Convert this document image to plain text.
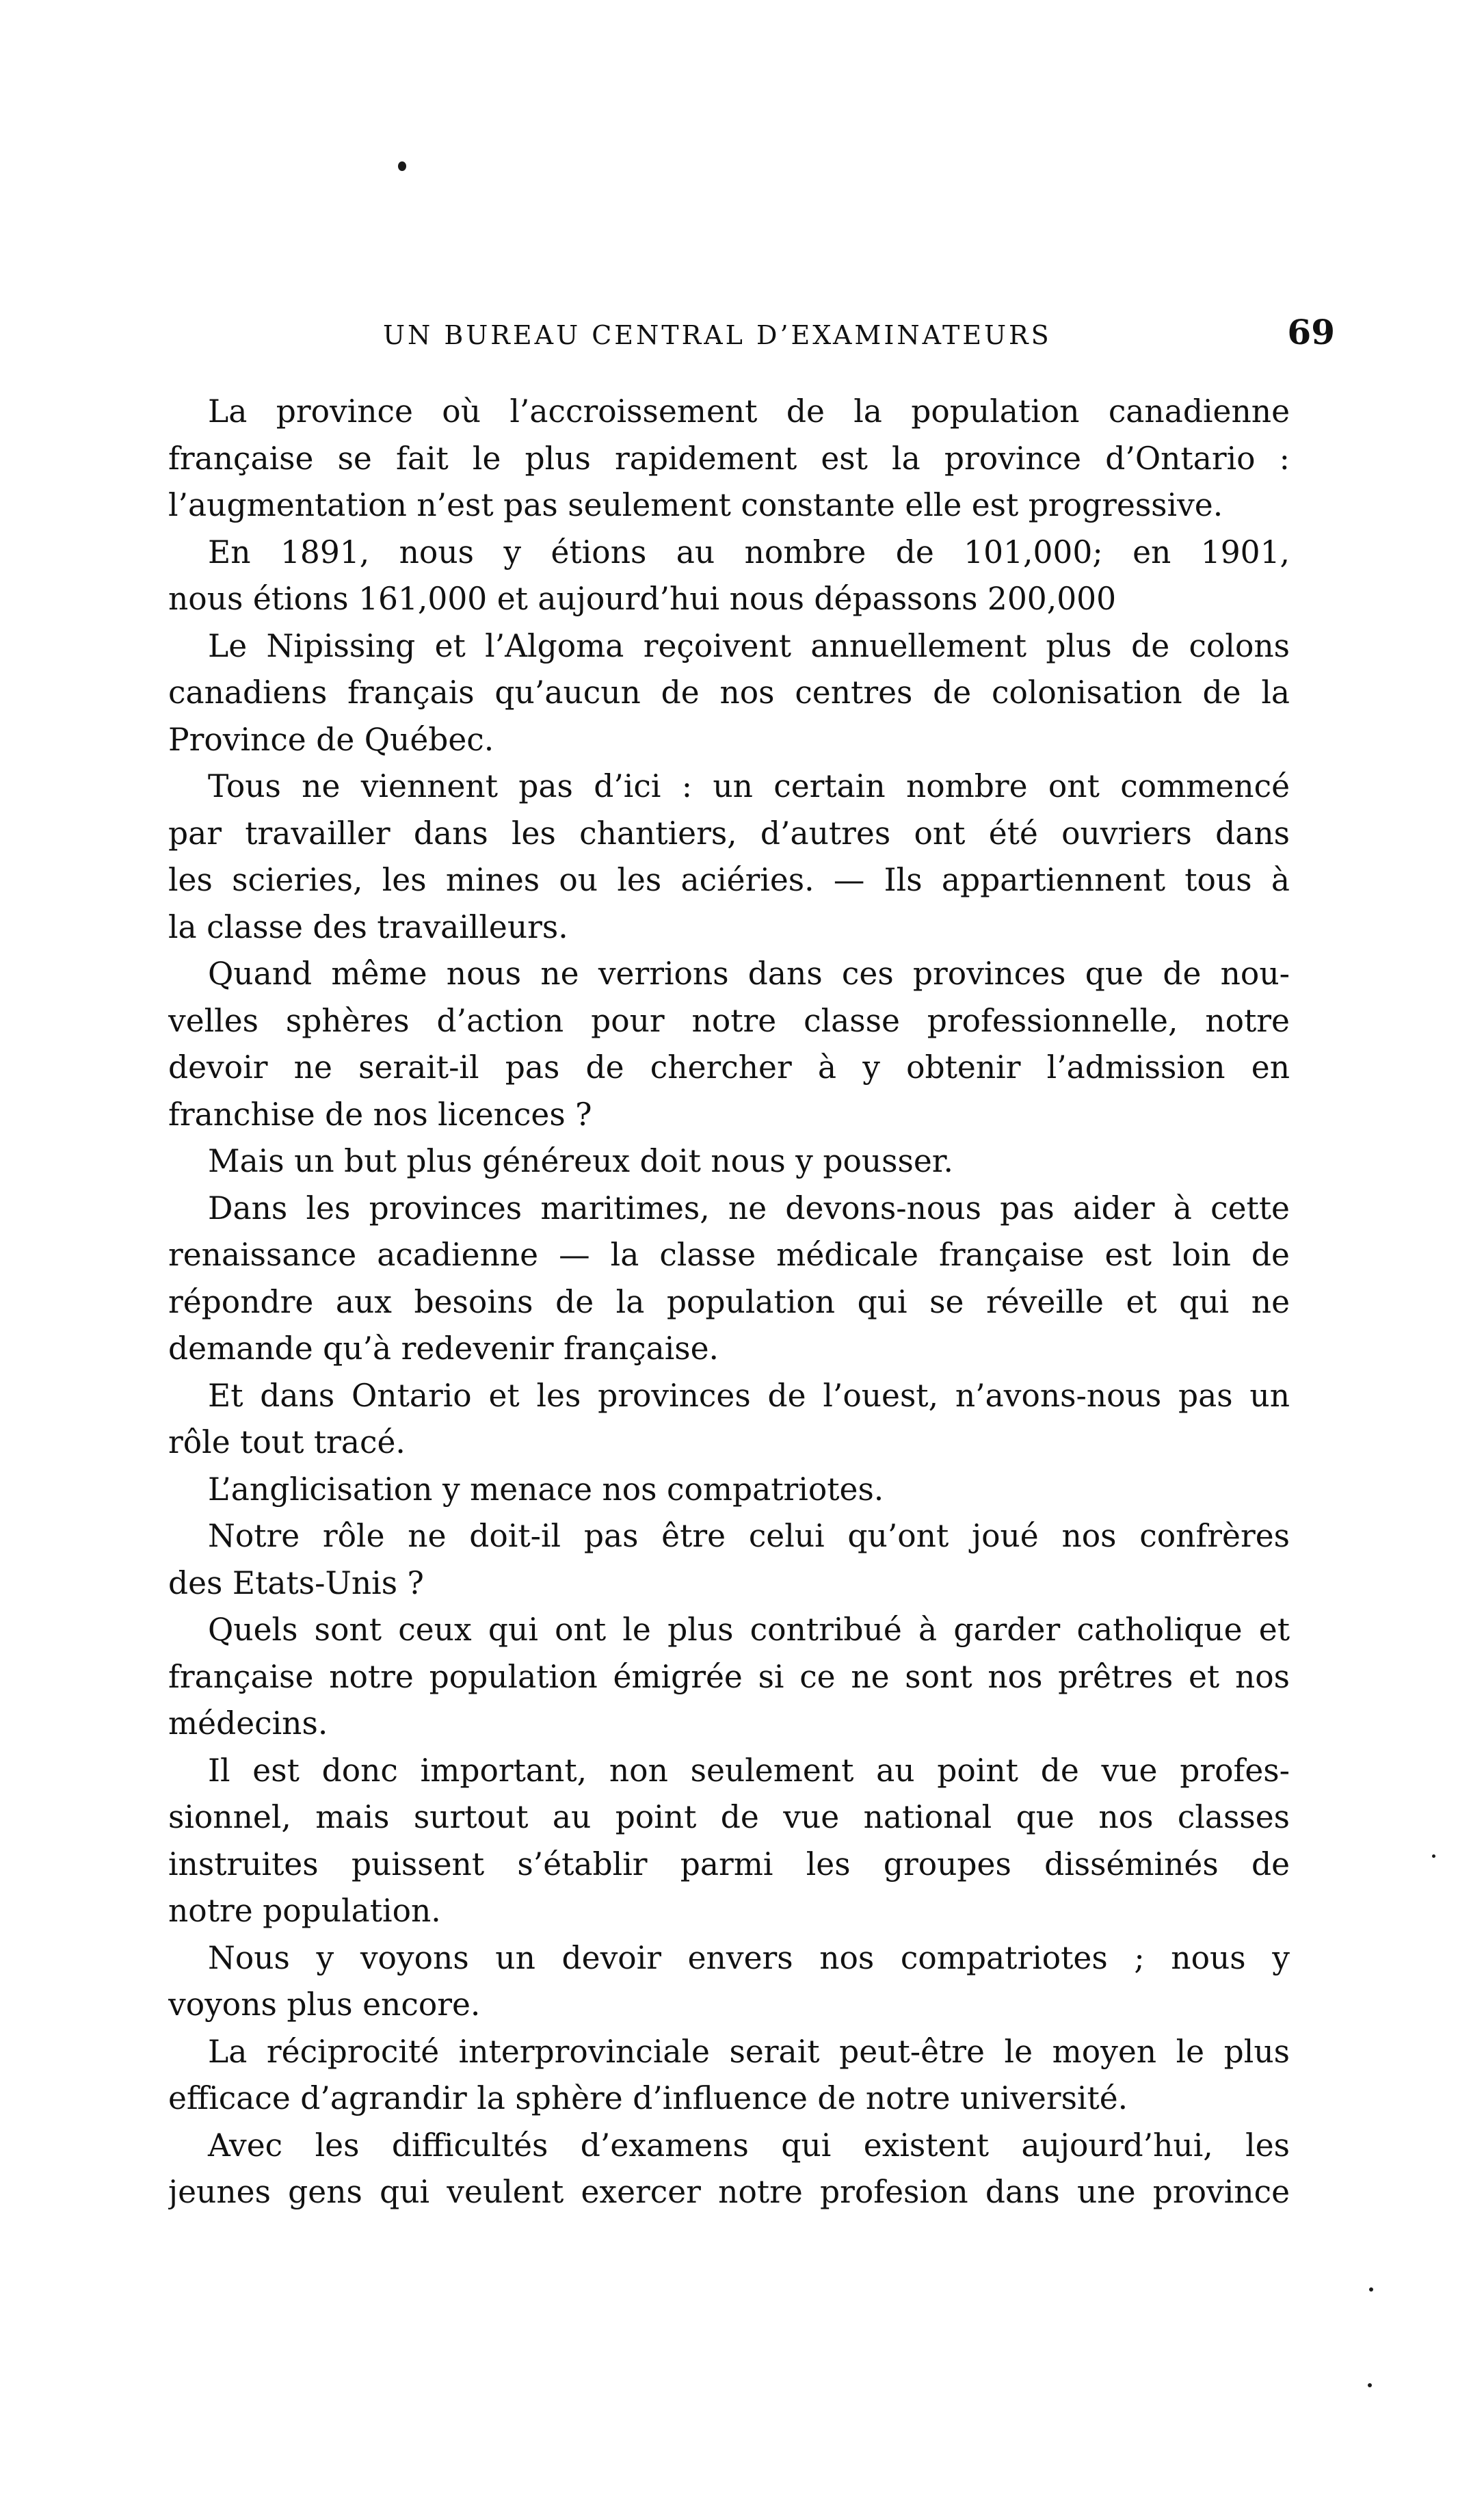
UN BUREAU CENTRAL D’EXAMINATEURS	69
La province où l’accroissement de la population canadienne
française se fait le plus rapidement est la province d’Ontario :
l’augmentation n’est pas seulement constante elle est progressive.
En 1891, nous y étions au nombre de 101,000; en 1901,
nous étions 161,000 et aujourd’hui nous dépassons 200,000
Le Nipissing et l’Algoma reçoivent annuellement plus de colons
canadiens français qu’aucun de nos centres de colonisation de la
Province de Québec.
Tous ne viennent pas d’ici : un certain nombre ont commencé
par travailler dans les chantiers, d’autres ont été ouvriers dans
les scieries, les mines ou les aciéries. — Ils appartiennent tous à
la classe des travailleurs.
Quand même nous ne verrions dans ces provinces que de nou-
velles sphères d’action pour notre classe professionnelle, notre
devoir ne serait-il pas de chercher à y obtenir l’admission en
franchise de nos licences ?
Mais un but plus généreux doit nous y pousser.
Dans les provinces maritimes, ne devons-nous pas aider à cette
renaissance acadienne — la classe médicale française est loin de
répondre aux besoins de la population qui se réveille et qui ne
demande qu’à redevenir française.
Et dans Ontario et les provinces de l’ouest, n’avons-nous pas un
rôle tout tracé.
L’anglicisation y menace nos compatriotes.
Notre rôle ne doit-il pas être celui qu’ont joué nos confrères
des Etats-Unis ?
Quels sont ceux qui ont le plus contribué à garder catholique et
française notre population émigrée si ce ne sont nos prêtres et nos
médecins.
Il est donc important, non seulement au point de vue profes-
sionnel, mais surtout au point de vue national que nos classes
instruites puissent s’établir parmi les groupes disséminés de
notre population.
Nous y voyons un devoir envers nos compatriotes ; nous y
voyons plus encore.
La réciprocité interprovinciale serait peut-être le moyen le plus
efficace d’agrandir la sphère d’influence de notre université.
Avec les difficultés d’examens qui existent aujourd’hui, les
jeunes gens qui veulent exercer notre profesion dans une province
